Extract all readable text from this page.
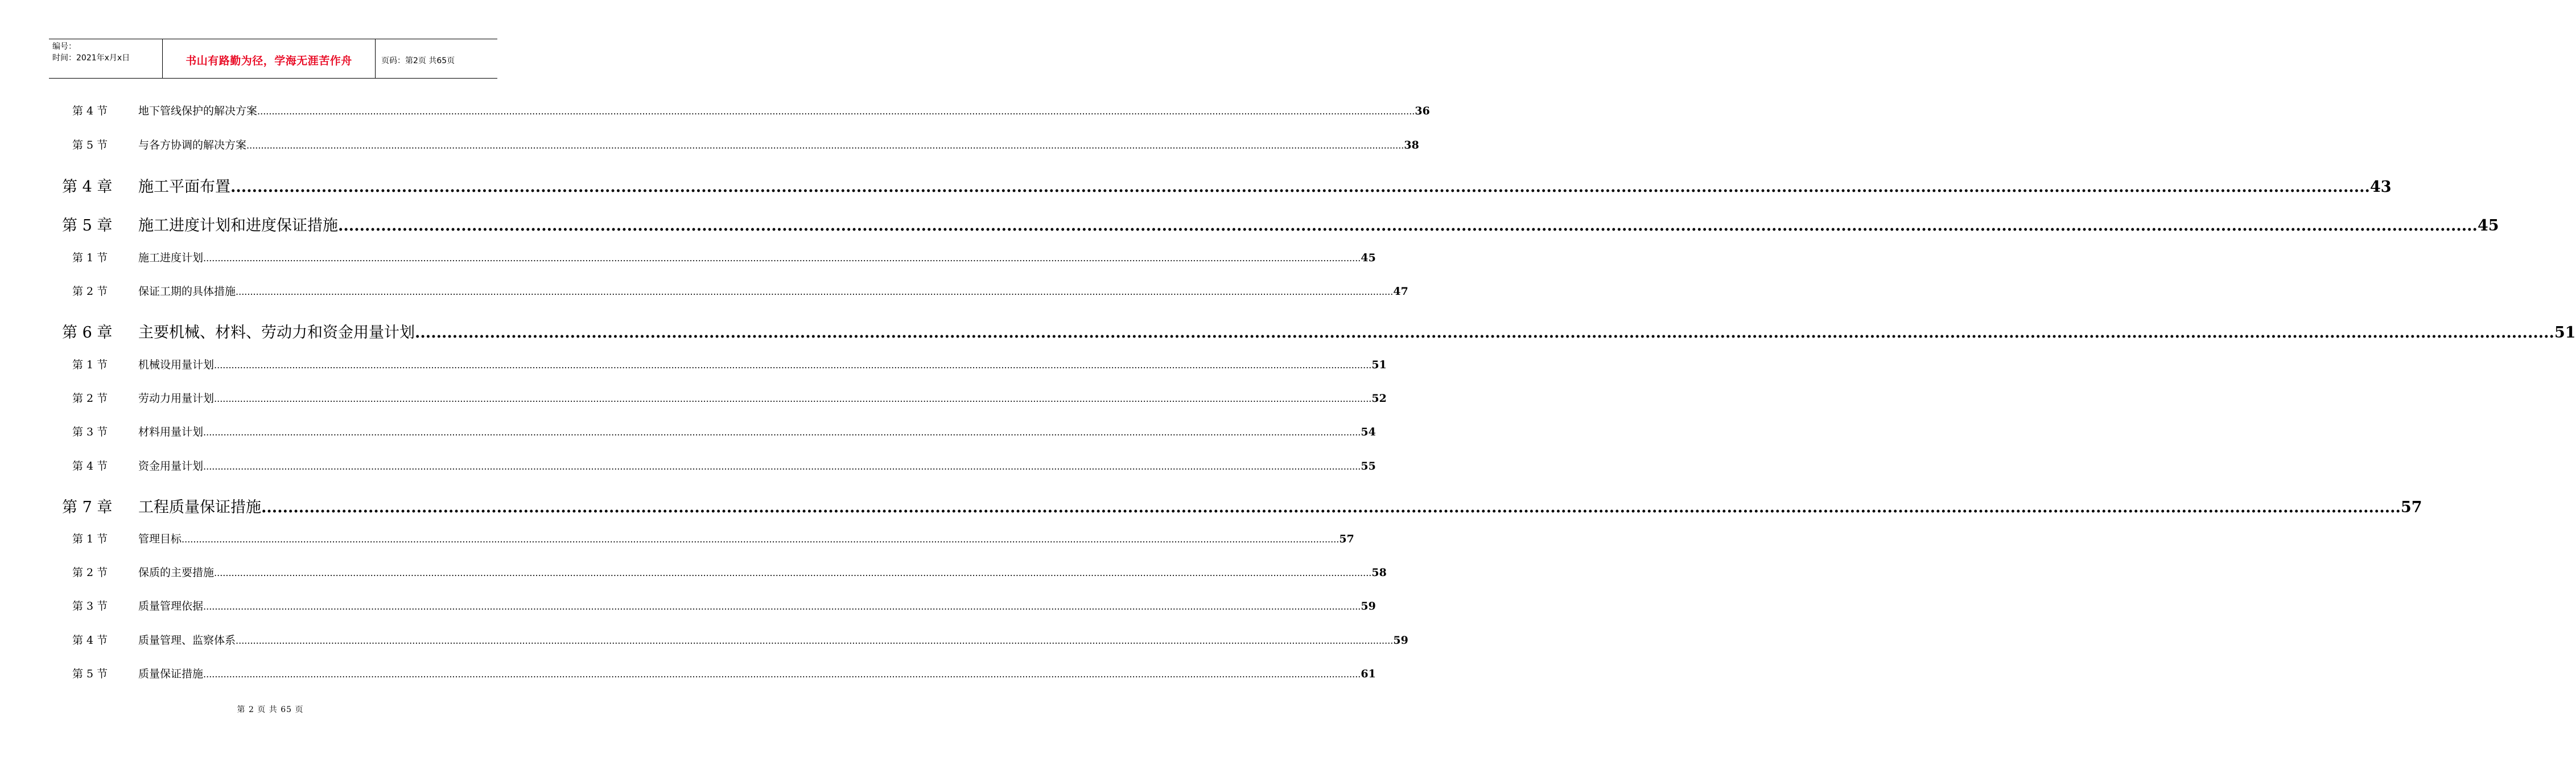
编号：
时间：2021年x月x日	书山有路勤为径，学海无涯苦作舟	页码：第2页 共65页
第 4 节	地下管线保护的解决方案 ................................................................................................................................................................................................................................................................................................................................................................................................................ 36
第 5 节	与各方协调的解决方案 ................................................................................................................................................................................................................................................................................................................................................................................................................ 38
第 4 章 施工平面布置 ................................................................................................................................................................................................................................................................................................................................................................................................................ 43
第 5 章 施工进度计划和进度保证措施 ................................................................................................................................................................................................................................................................................................................................................................................................................ 45
第 1 节	施工进度计划 ................................................................................................................................................................................................................................................................................................................................................................................................................ 45
第 2 节	保证工期的具体措施 ................................................................................................................................................................................................................................................................................................................................................................................................................ 47
第 6 章 主要机械、材料、劳动力和资金用量计划 ................................................................................................................................................................................................................................................................................................................................................................................................................ 51
第 1 节	机械设用量计划 ................................................................................................................................................................................................................................................................................................................................................................................................................ 51
第 2 节	劳动力用量计划 ................................................................................................................................................................................................................................................................................................................................................................................................................ 52
第 3 节	材料用量计划 ................................................................................................................................................................................................................................................................................................................................................................................................................ 54
第 4 节	资金用量计划 ................................................................................................................................................................................................................................................................................................................................................................................................................ 55
第 7 章 工程质量保证措施 ................................................................................................................................................................................................................................................................................................................................................................................................................ 57
第 1 节	管理目标 ................................................................................................................................................................................................................................................................................................................................................................................................................ 57
第 2 节	保质的主要措施 ................................................................................................................................................................................................................................................................................................................................................................................................................ 58
第 3 节	质量管理依据 ................................................................................................................................................................................................................................................................................................................................................................................................................ 59
第 4 节	质量管理、监察体系 ................................................................................................................................................................................................................................................................................................................................................................................................................ 59
第 5 节	质量保证措施 ................................................................................................................................................................................................................................................................................................................................................................................................................ 61
第 2 页 共 65 页
